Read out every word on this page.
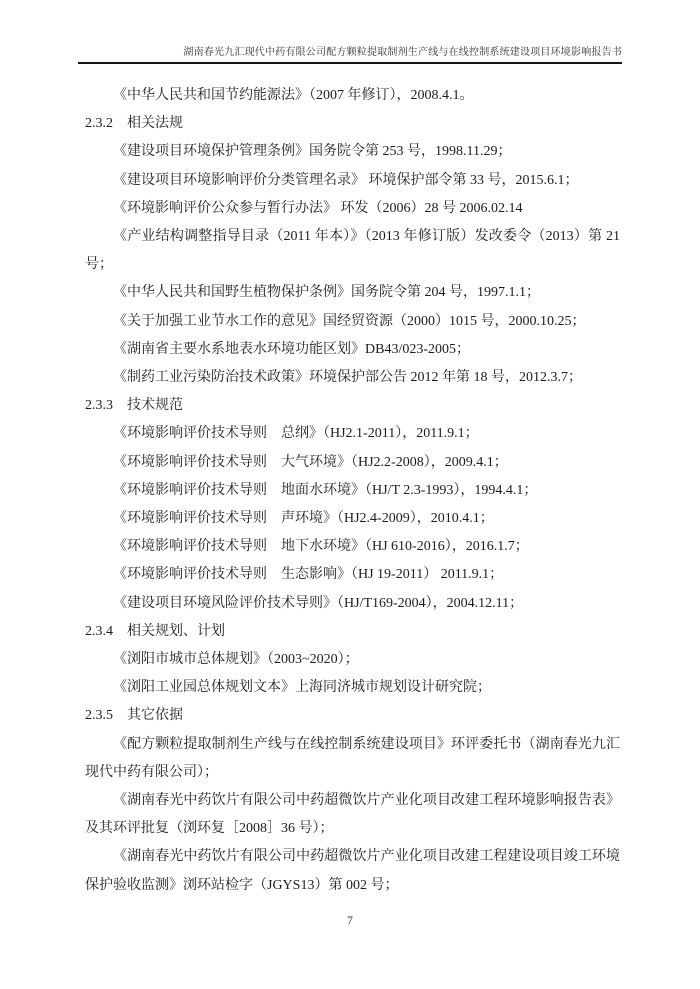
湖南春光九汇现代中药有限公司配方颗粒提取制剂生产线与在线控制系统建设项目环境影响报告书

《中华人民共和国节约能源法》（2007 年修订），2008.4.1。

2.3.2　相关法规

《建设项目环境保护管理条例》国务院令第 253 号，1998.11.29；

《建设项目环境影响评价分类管理名录》 环境保护部令第 33 号，2015.6.1；

《环境影响评价公众参与暂行办法》 环发（2006）28 号 2006.02.14

《产业结构调整指导目录（2011 年本）》（2013 年修订版）发改委令（2013）第 21 号；

《中华人民共和国野生植物保护条例》国务院令第 204 号，1997.1.1；

《关于加强工业节水工作的意见》国经贸资源（2000）1015 号，2000.10.25；

《湖南省主要水系地表水环境功能区划》DB43/023-2005；

《制药工业污染防治技术政策》环境保护部公告 2012 年第 18 号，2012.3.7；

2.3.3　技术规范

《环境影响评价技术导则　总纲》（HJ2.1-2011），2011.9.1；

《环境影响评价技术导则　大气环境》（HJ2.2-2008），2009.4.1；

《环境影响评价技术导则　地面水环境》（HJ/T 2.3-1993），1994.4.1；

《环境影响评价技术导则　声环境》（HJ2.4-2009），2010.4.1；

《环境影响评价技术导则　地下水环境》（HJ 610-2016），2016.1.7；

《环境影响评价技术导则　生态影响》（HJ 19-2011） 2011.9.1；

《建设项目环境风险评价技术导则》（HJ/T169-2004），2004.12.11；

2.3.4　相关规划、计划

《浏阳市城市总体规划》（2003~2020）；

《浏阳工业园总体规划文本》上海同济城市规划设计研究院；

2.3.5　其它依据

《配方颗粒提取制剂生产线与在线控制系统建设项目》环评委托书（湖南春光九汇现代中药有限公司）；

《湖南春光中药饮片有限公司中药超微饮片产业化项目改建工程环境影响报告表》及其环评批复（浏环复［2008］36 号）；

《湖南春光中药饮片有限公司中药超微饮片产业化项目改建工程建设项目竣工环境保护验收监测》浏环站检字（JGYS13）第 002 号；

7
